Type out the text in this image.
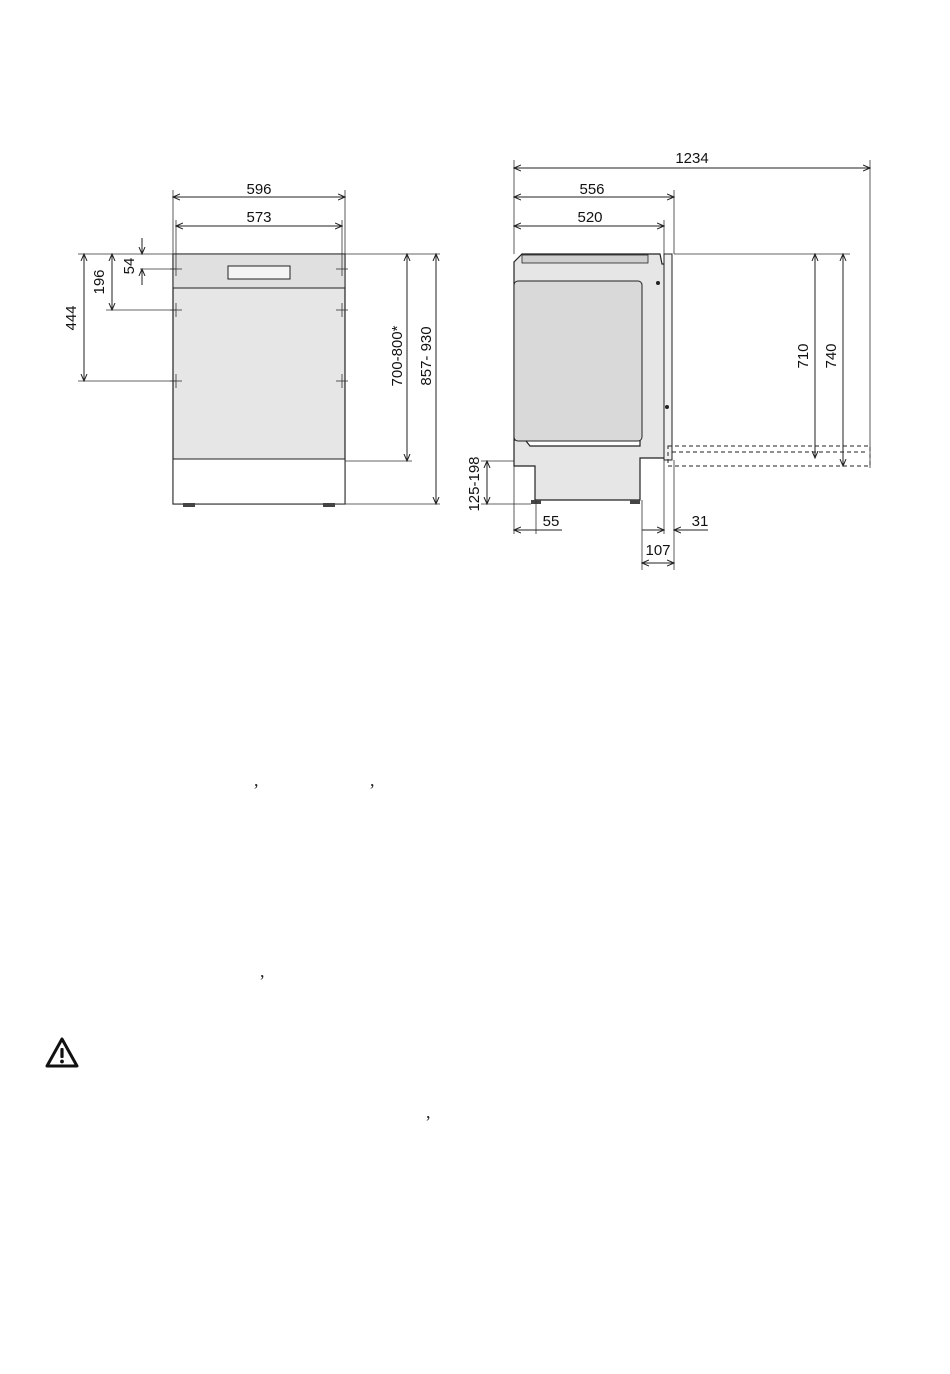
596
573
54
196
444
700-800* 857- 930
1234
556
520
710 740
125-198
55	31
107
,	,
,
,
